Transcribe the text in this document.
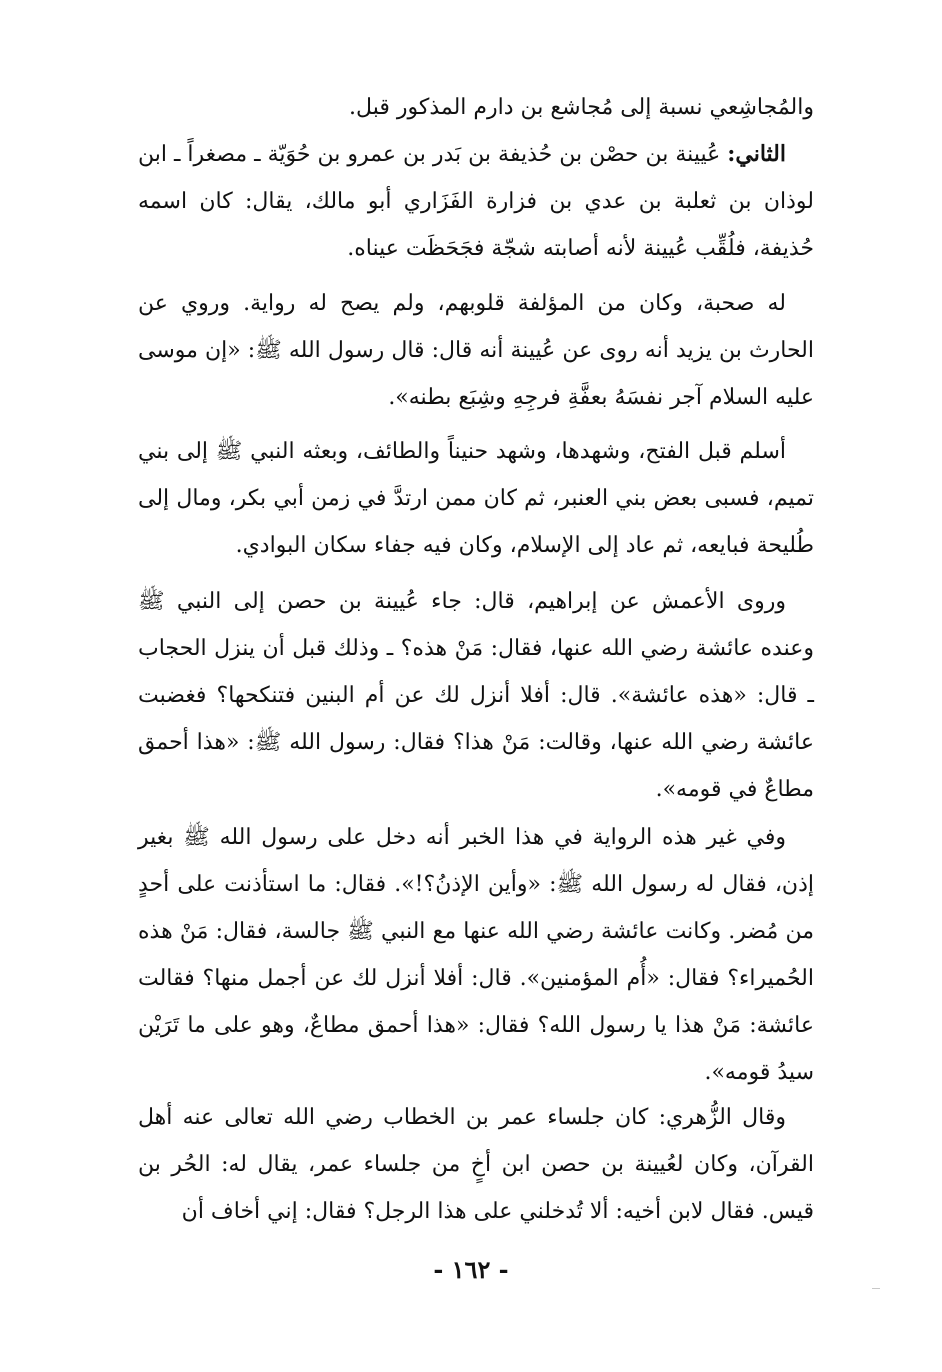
والمُجاشِعي نسبة إلى مُجاشع بن دارم المذكور قبل.

الثاني: عُيينة بن حصْن بن حُذيفة بن بَدر بن عمرو بن حُوَيّة ـ مصغراً ـ ابن لوذان بن ثعلبة بن عدي بن فزارة الفَزَاري أبو مالك، يقال: كان اسمه حُذيفة، فلُقِّب عُيينة لأنه أصابته شجّة فجَحَظَت عيناه.

له صحبة، وكان من المؤلفة قلوبهم، ولم يصح له رواية. وروي عن الحارث بن يزيد أنه روى عن عُيينة أنه قال: قال رسول الله ﷺ: «إن موسى عليه السلام آجر نفسَهُ بعفَّةِ فرجِهِ وشِبَع بطنه».

أسلم قبل الفتح، وشهدها، وشهد حنيناً والطائف، وبعثه النبي ﷺ إلى بني تميم، فسبى بعض بني العنبر، ثم كان ممن ارتدَّ في زمن أبي بكر، ومال إلى طُليحة فبايعه، ثم عاد إلى الإسلام، وكان فيه جفاء سكان البوادي.

وروى الأعمش عن إبراهيم، قال: جاء عُيينة بن حصن إلى النبي ﷺ وعنده عائشة رضي الله عنها، فقال: مَنْ هذه؟ ـ وذلك قبل أن ينزل الحجاب ـ قال: «هذه عائشة». قال: أفلا أنزل لك عن أم البنين فتنكحها؟ فغضبت عائشة رضي الله عنها، وقالت: مَنْ هذا؟ فقال: رسول الله ﷺ: «هذا أحمق مطاعٌ في قومه».

وفي غير هذه الرواية في هذا الخبر أنه دخل على رسول الله ﷺ بغير إذن، فقال له رسول الله ﷺ: «وأين الإذنُ؟!». فقال: ما استأذنت على أحدٍ من مُضر. وكانت عائشة رضي الله عنها مع النبي ﷺ جالسة، فقال: مَنْ هذه الحُميراء؟ فقال: «أُم المؤمنين». قال: أفلا أنزل لك عن أجمل منها؟ فقالت عائشة: مَنْ هذا يا رسول الله؟ فقال: «هذا أحمق مطاعٌ، وهو على ما تَرَيْن سيدُ قومه».

وقال الزُّهري: كان جلساء عمر بن الخطاب رضي الله تعالى عنه أهل القرآن، وكان لعُيينة بن حصن ابن أخٍ من جلساء عمر، يقال له: الحُر بن قيس. فقال لابن أخيه: ألا تُدخلني على هذا الرجل؟ فقال: إني أخاف أن

- ١٦٢ -
